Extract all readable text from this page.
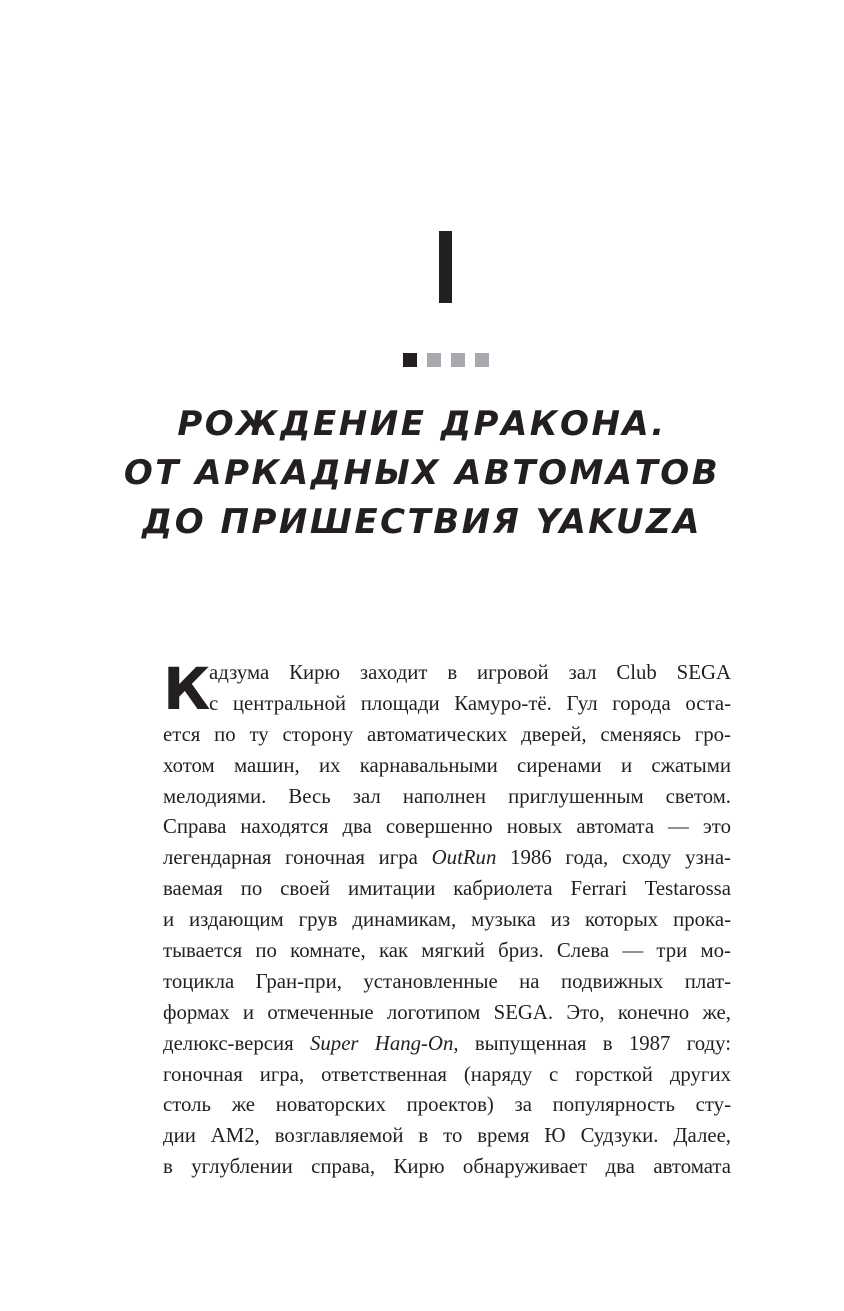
РОЖДЕНИЕ ДРАКОНА.
ОТ АРКАДНЫХ АВТОМАТОВ
ДО ПРИШЕСТВИЯ YAKUZA
К
адзума Кирю заходит в игровой зал Club SEGA
с центральной площади Камуро-тё. Гул города оста-
ется по ту сторону автоматических дверей, сменяясь гро-
хотом машин, их карнавальными сиренами и сжатыми
мелодиями. Весь зал наполнен приглушенным светом.
Справа находятся два совершенно новых автомата — это
легендарная гоночная игра OutRun 1986 года, сходу узна-
ваемая по своей имитации кабриолета Ferrari Testarossa
и издающим грув динамикам, музыка из которых прока-
тывается по комнате, как мягкий бриз. Слева — три мо-
тоцикла Гран-при, установленные на подвижных плат-
формах и отмеченные логотипом SEGA. Это, конечно же,
делюкс-версия Super Hang-On, выпущенная в 1987 году:
гоночная игра, ответственная (наряду с горсткой других
столь же новаторских проектов) за популярность сту-
дии AM2, возглавляемой в то время Ю Судзуки. Далее,
в углублении справа, Кирю обнаруживает два автомата
